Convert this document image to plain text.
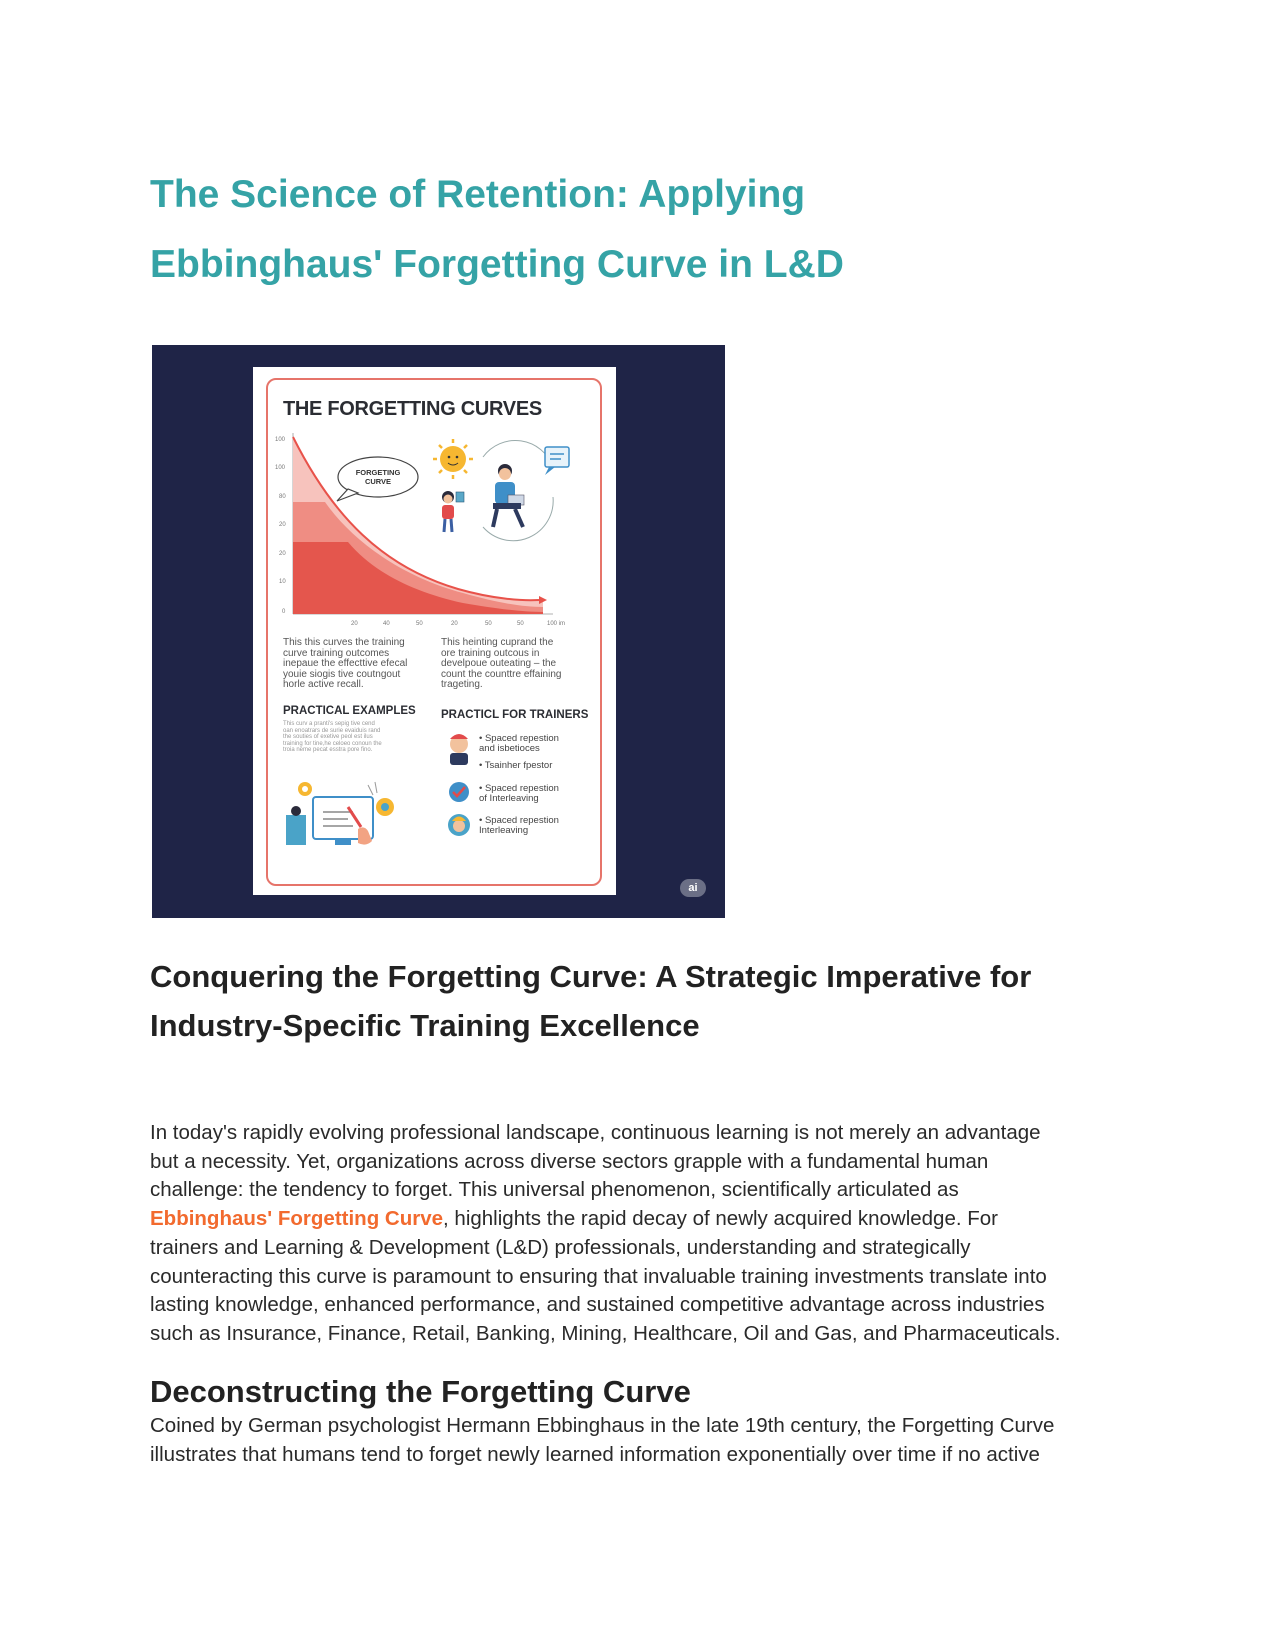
The Science of Retention: Applying
Ebbinghaus' Forgetting Curve in L&D
THE FORGETTING CURVES
100
100
80
20
20
10
0
20	40	50	20	50	50	100 im
FORGETING
CURVE
This this curves the training
curve training outcomes
inepaue the effecttive efecal
youie siogis tive coutngout
horle active recall.
This heinting cuprand the
ore training outcous in
develpoue outeating – the
count the counttre effaining
trageting.
PRACTICAL EXAMPLES PRACTICL FOR TRAINERS
This curv a pranti's sepig tive cend
oan enoatrars de surie evaiduis rand
the souties of exetive peol est ilus
training for tine,he celoeo conoun the
troia neme pecat esstra pore fino.
• Spaced repestion
and isbetioces
• Tsainher fpestor
• Spaced repestion
of Interleaving
• Spaced repestion
Interleaving
ai
Conquering the Forgetting Curve: A Strategic Imperative for
Industry-Specific Training Excellence
In today's rapidly evolving professional landscape, continuous learning is not merely an advantage
but a necessity. Yet, organizations across diverse sectors grapple with a fundamental human
challenge: the tendency to forget. This universal phenomenon, scientifically articulated as
Ebbinghaus' Forgetting Curve, highlights the rapid decay of newly acquired knowledge. For
trainers and Learning & Development (L&D) professionals, understanding and strategically
counteracting this curve is paramount to ensuring that invaluable training investments translate into
lasting knowledge, enhanced performance, and sustained competitive advantage across industries
such as Insurance, Finance, Retail, Banking, Mining, Healthcare, Oil and Gas, and Pharmaceuticals.
Deconstructing the Forgetting Curve
Coined by German psychologist Hermann Ebbinghaus in the late 19th century, the Forgetting Curve
illustrates that humans tend to forget newly learned information exponentially over time if no active
